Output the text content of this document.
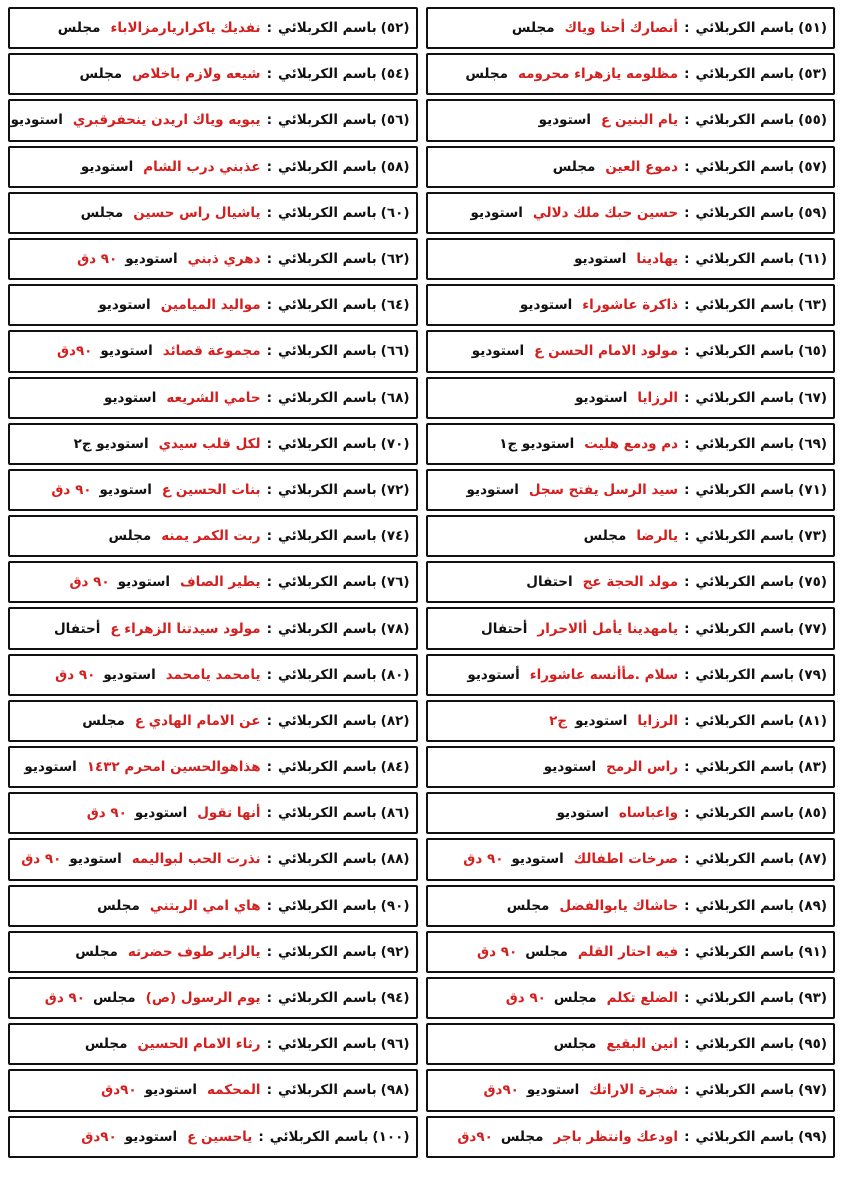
(٥١)
باسم الكربلائي
:
أنصارك أحنا وياك
مجلس
(٥٢)
باسم الكربلائي
:
نفديك ياكراريارمزالاباء
مجلس
(٥٣)
باسم الكربلائي
:
مظلومه يازهراء محرومه
مجلس
(٥٤)
باسم الكربلائي
:
شيعه ولازم باخلاص
مجلس
(٥٥)
باسم الكربلائي
:
يام البنين ع
استوديو
(٥٦)
باسم الكربلائي
:
يبويه وياك اريدن ينحفرقبري
استوديو
(٥٧)
باسم الكربلائي
:
دموع العين
مجلس
(٥٨)
باسم الكربلائي
:
عذبني درب الشام
استوديو
(٥٩)
باسم الكربلائي
:
حسين حبك ملك دلالي
استوديو
(٦٠)
باسم الكربلائي
:
ياشيال راس حسين
مجلس
(٦١)
باسم الكربلائي
:
يهادينا
استوديو
(٦٢)
باسم الكربلائي
:
دهري ذبني
استوديو
٩٠ دق
(٦٣)
باسم الكربلائي
:
ذاكرة عاشوراء
استوديو
(٦٤)
باسم الكربلائي
:
مواليد الميامين
استوديو
(٦٥)
باسم الكربلائي
:
مولود الامام الحسن ع
استوديو
(٦٦)
باسم الكربلائي
:
مجموعة قصائد
استوديو
٩٠دق
(٦٧)
باسم الكربلائي
:
الرزايا
استوديو
(٦٨)
باسم الكربلائي
:
حامي الشريعه
استوديو
(٦٩)
باسم الكربلائي
:
دم ودمع هليت
استوديو ج١
(٧٠)
باسم الكربلائي
:
لكل قلب سيدي
استوديو ج٢
(٧١)
باسم الكربلائي
:
سيد الرسل يفتح سجل
استوديو
(٧٢)
باسم الكربلائي
:
بنات الحسين ع
استوديو
٩٠ دق
(٧٣)
باسم الكربلائي
:
يالرضا
مجلس
(٧٤)
باسم الكربلائي
:
ربت الكمر يمنه
مجلس
(٧٥)
باسم الكربلائي
:
مولد الحجة عج
احتفال
(٧٦)
باسم الكربلائي
:
يطير الصاف
استوديو
٩٠ دق
(٧٧)
باسم الكربلائي
:
يامهدينا يأمل أالاحرار
أحتفال
(٧٨)
باسم الكربلائي
:
مولود سيدتنا الزهراء ع
أحتفال
(٧٩)
باسم الكربلائي
:
سلام .مأأنسه عاشوراء
أستوديو
(٨٠)
باسم الكربلائي
:
يامحمد يامحمد
استوديو
٩٠ دق
(٨١)
باسم الكربلائي
:
الرزايا
استوديو
ج٢
(٨٢)
باسم الكربلائي
:
عن الامام الهادي ع
مجلس
(٨٣)
باسم الكربلائي
:
راس الرمح
استوديو
(٨٤)
باسم الكربلائي
:
هذاهوالحسين امحرم ١٤٣٢
استوديو
(٨٥)
باسم الكربلائي
:
واعباساه
استوديو
(٨٦)
باسم الكربلائي
:
أنها تقول
استوديو
٩٠ دق
(٨٧)
باسم الكربلائي
:
صرخات اطفالك
استوديو
٩٠ دق
(٨٨)
باسم الكربلائي
:
نذرت الحب لبواليمه
استوديو
٩٠ دق
(٨٩)
باسم الكربلائي
:
حاشاك يابوالفضل
مجلس
(٩٠)
باسم الكربلائي
:
هاي امي الربتني
مجلس
(٩١)
باسم الكربلائي
:
فيه احتار القلم
مجلس
٩٠ دق
(٩٢)
باسم الكربلائي
:
يالزاير طوف حضرته
مجلس
(٩٣)
باسم الكربلائي
:
الضلع تكلم
مجلس
٩٠ دق
(٩٤)
باسم الكربلائي
:
يوم الرسول (ص)
مجلس
٩٠ دق
(٩٥)
باسم الكربلائي
:
انين البقيع
مجلس
(٩٦)
باسم الكربلائي
:
رثاء الامام الحسين
مجلس
(٩٧)
باسم الكربلائي
:
شجرة الاراتك
استوديو
٩٠دق
(٩٨)
باسم الكربلائي
:
المحكمه
استوديو
٩٠دق
(٩٩)
باسم الكربلائي
:
اودعك وانتظر باجر
مجلس
٩٠دق
(١٠٠)
باسم الكربلائي
:
ياحسين ع
استوديو
٩٠دق
